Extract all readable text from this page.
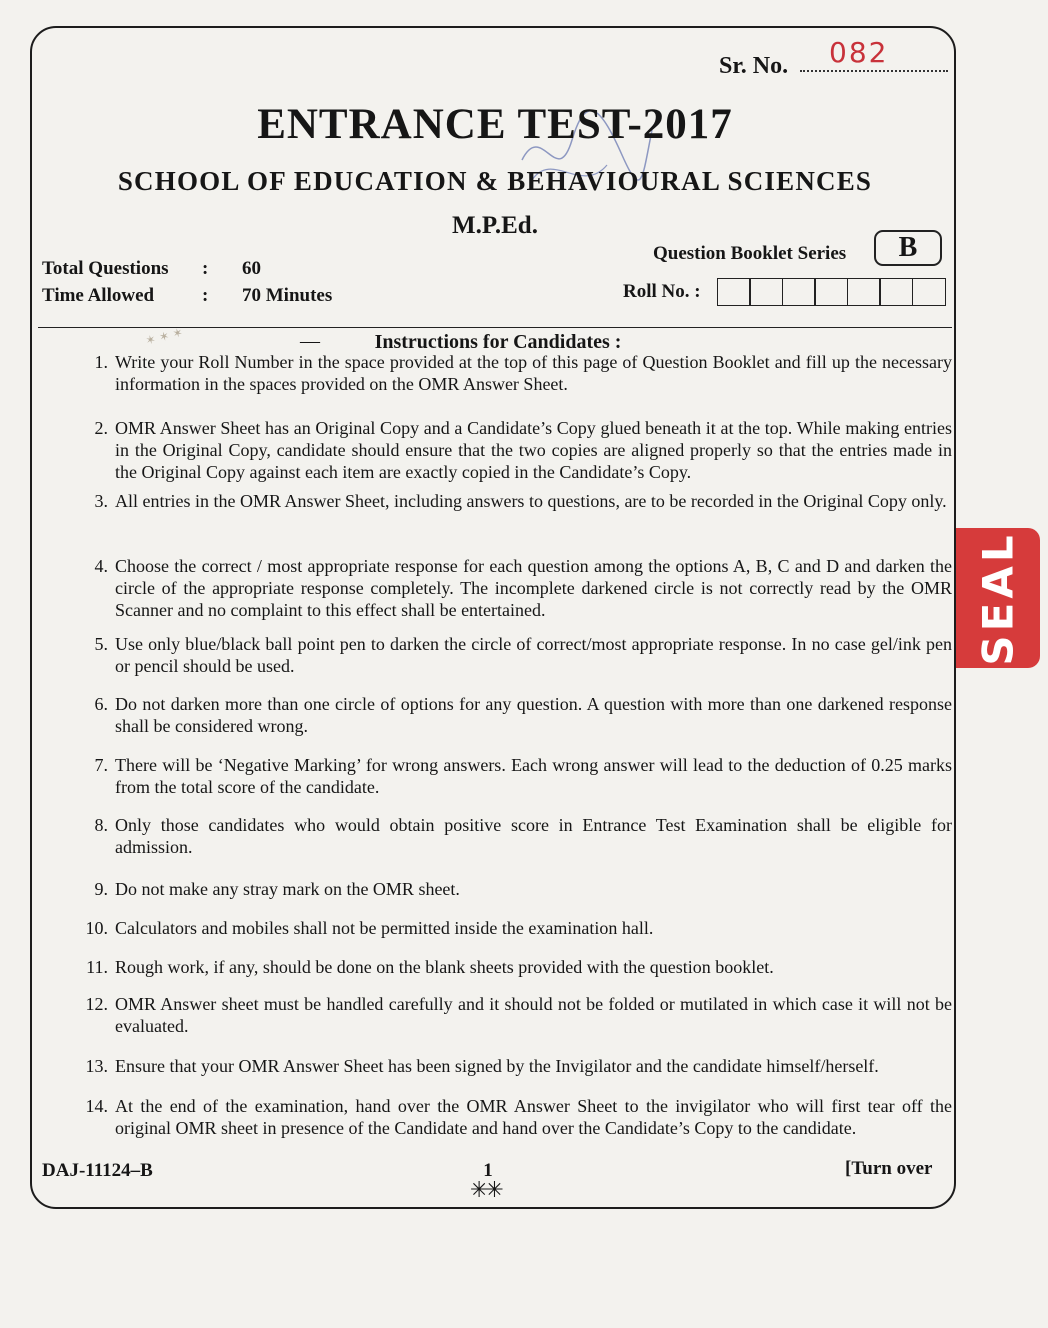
Sr. No. 082
ENTRANCE TEST-2017
SCHOOL OF EDUCATION & BEHAVIOURAL SCIENCES
M.P.Ed.
Total Questions : 60
Time Allowed	: 70 Minutes
Question Booklet Series	B
Roll No. :
✶ ✶ ✶	—	Instructions for Candidates :
1. Write your Roll Number in the space provided at the top of this page of Question Booklet and fill up the necessary information in the spaces provided on the OMR Answer Sheet.
2. OMR Answer Sheet has an Original Copy and a Candidate’s Copy glued beneath it at the top. While making entries in the Original Copy, candidate should ensure that the two copies are aligned properly so that the entries made in the Original Copy against each item are exactly copied in the Candidate’s Copy.
3. All entries in the OMR Answer Sheet, including answers to questions, are to be recorded in the Original Copy only.
4. Choose the correct / most appropriate response for each question among the options A, B, C and D and darken the circle of the appropriate response completely. The incomplete darkened circle is not correctly read by the OMR Scanner and no complaint to this effect shall be entertained.
5. Use only blue/black ball point pen to darken the circle of correct/most appropriate response. In no case gel/ink pen or pencil should be used.
6. Do not darken more than one circle of options for any question. A question with more than one darkened response shall be considered wrong.
7. There will be ‘Negative Marking’ for wrong answers. Each wrong answer will lead to the deduction of 0.25 marks from the total score of the candidate.
8. Only those candidates who would obtain positive score in Entrance Test Examination shall be eligible for admission.
9. Do not make any stray mark on the OMR sheet.
10. Calculators and mobiles shall not be permitted inside the examination hall.
11. Rough work, if any, should be done on the blank sheets provided with the question booklet.
12. OMR Answer sheet must be handled carefully and it should not be folded or mutilated in which case it will not be evaluated.
13. Ensure that your OMR Answer Sheet has been signed by the Invigilator and the candidate himself/herself.
14. At the end of the examination, hand over the OMR Answer Sheet to the invigilator who will first tear off the original OMR sheet in presence of the Candidate and hand over the Candidate’s Copy to the candidate.
DAJ-11124–B	1	[Turn over
✳✳
SEAL
